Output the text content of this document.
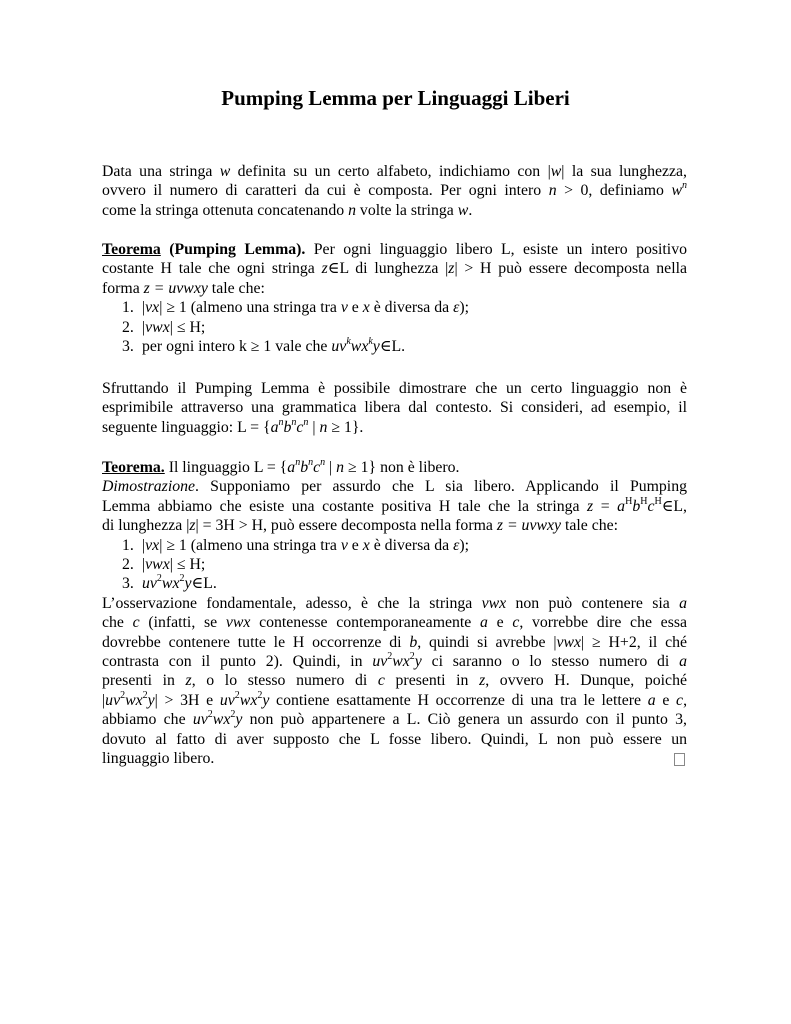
Pumping Lemma per Linguaggi Liberi
Data una stringa w definita su un certo alfabeto, indichiamo con |w| la sua lunghezza,
ovvero il numero di caratteri da cui è composta. Per ogni intero n > 0, definiamo $w^n$
come la stringa ottenuta concatenando n volte la stringa w.
Teorema (Pumping Lemma). Per ogni linguaggio libero L, esiste un intero positivo
costante H tale che ogni stringa z∈L di lunghezza |z| > H può essere decomposta nella
forma z = uvwxy tale che:
1. |vx| ≥ 1 (almeno una stringa tra v e x è diversa da ε);
2. |vwx| ≤ H;
3. per ogni intero k ≥ 1 vale che $uv^kwx^ky\in L$.
Sfruttando il Pumping Lemma è possibile dimostrare che un certo linguaggio non è
esprimibile attraverso una grammatica libera dal contesto. Si consideri, ad esempio, il
seguente linguaggio: $L = \{a^nb^nc^n$ | n ≥ 1}.
Teorema. Il linguaggio $L = \{a^nb^nc^n$ | n ≥ 1} non è libero.
Dimostrazione. Supponiamo per assurdo che L sia libero. Applicando il Pumping
Lemma abbiamo che esiste una costante positiva H tale che la stringa $z = a^Hb^Hc^H\in L$,
di lunghezza |z| = 3H > H, può essere decomposta nella forma z = uvwxy tale che:
1. |vx| ≥ 1 (almeno una stringa tra v e x è diversa da ε);
2. |vwx| ≤ H;
3. $uv^2wx^2y\in L$.
L’osservazione fondamentale, adesso, è che la stringa vwx non può contenere sia a
che c (infatti, se vwx contenesse contemporaneamente a e c, vorrebbe dire che essa
dovrebbe contenere tutte le H occorrenze di b, quindi si avrebbe |vwx| ≥ H+2, il ché
contrasta con il punto 2). Quindi, in $uv^2wx^2y$ ci saranno o lo stesso numero di a
presenti in z, o lo stesso numero di c presenti in z, ovvero H. Dunque, poiché
$|uv^2wx^2y| > 3H$ e $uv^2wx^2y$ contiene esattamente H occorrenze di una tra le lettere a e c,
abbiamo che $uv^2wx^2y$ non può appartenere a L. Ciò genera un assurdo con il punto 3,
dovuto al fatto di aver supposto che L fosse libero. Quindi, L non può essere un
linguaggio libero.
